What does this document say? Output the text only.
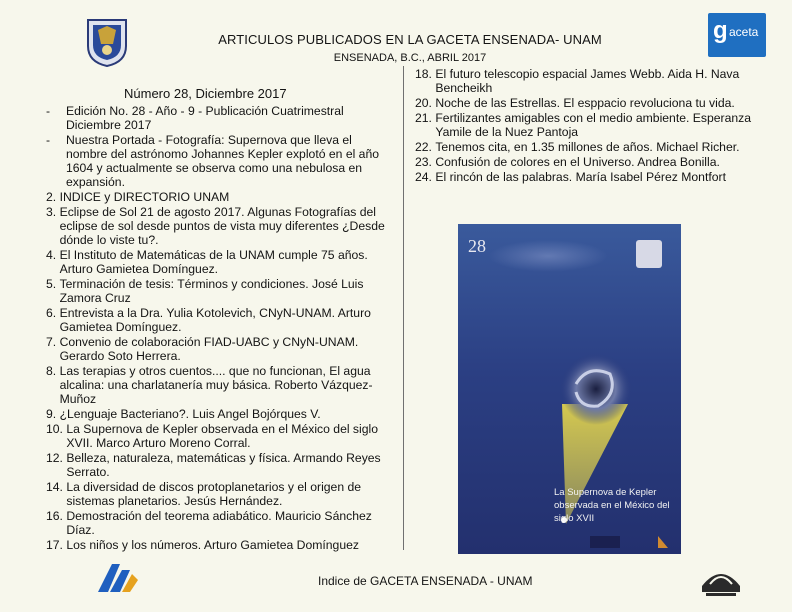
ARTICULOS PUBLICADOS EN LA GACETA ENSENADA- UNAM
ENSENADA, B.C., ABRIL 2017
g aceta
Número 28, Diciembre 2017
-	Edición No. 28 - Año - 9 - Publicación Cuatrimestral Diciembre 2017
-	Nuestra Portada - Fotografía: Supernova que lleva el nombre del astrónomo Johannes Kepler explotó en el año 1604 y actualmente se observa como una nebulosa en expansión.
2.
INDICE y DIRECTORIO UNAM
3.
Eclipse de Sol 21 de agosto 2017. Algunas Fotografías del eclipse de sol desde puntos de vista muy diferentes ¿Desde dónde lo viste tu?.
4.
El Instituto de Matemáticas de la UNAM cumple 75 años. Arturo Gamietea Domínguez.
5.
Terminación de tesis: Términos y condiciones. José Luis Zamora Cruz
6.
Entrevista a la Dra. Yulia Kotolevich, CNyN-UNAM. Arturo Gamietea Domínguez.
7.
Convenio de colaboración FIAD-UABC y CNyN-UNAM. Gerardo Soto Herrera.
8.
Las terapias y otros cuentos.... que no funcionan, El agua alcalina: una charlatanería muy básica. Roberto Vázquez-Muñoz
9.
¿Lenguaje Bacteriano?. Luis Angel Bojórques V.
10.
La Supernova de Kepler observada en el México del siglo XVII. Marco Arturo Moreno Corral.
12.
Belleza, naturaleza, matemáticas y física. Armando Reyes Serrato.
14.
La diversidad de discos protoplanetarios y el origen de sistemas planetarios. Jesús Hernández.
16.
Demostración del teorema adiabático. Mauricio Sánchez Díaz.
17.
Los niños y los números. Arturo Gamietea Domínguez
18.
El futuro telescopio espacial James Webb. Aida H. Nava Bencheikh
20.
Noche de las Estrellas. El esppacio revoluciona tu vida.
21.
Fertilizantes amigables con el medio ambiente. Esperanza Yamile de la Nuez Pantoja
22.
Tenemos cita, en 1.35 millones de años. Michael Richer.
23.
Confusión de colores en el Universo. Andrea Bonilla.
24.
El rincón de las palabras. María Isabel Pérez Montfort
28
La Supernova de Kepler
observada en el México del siglo XVII
Indice de GACETA ENSENADA - UNAM
